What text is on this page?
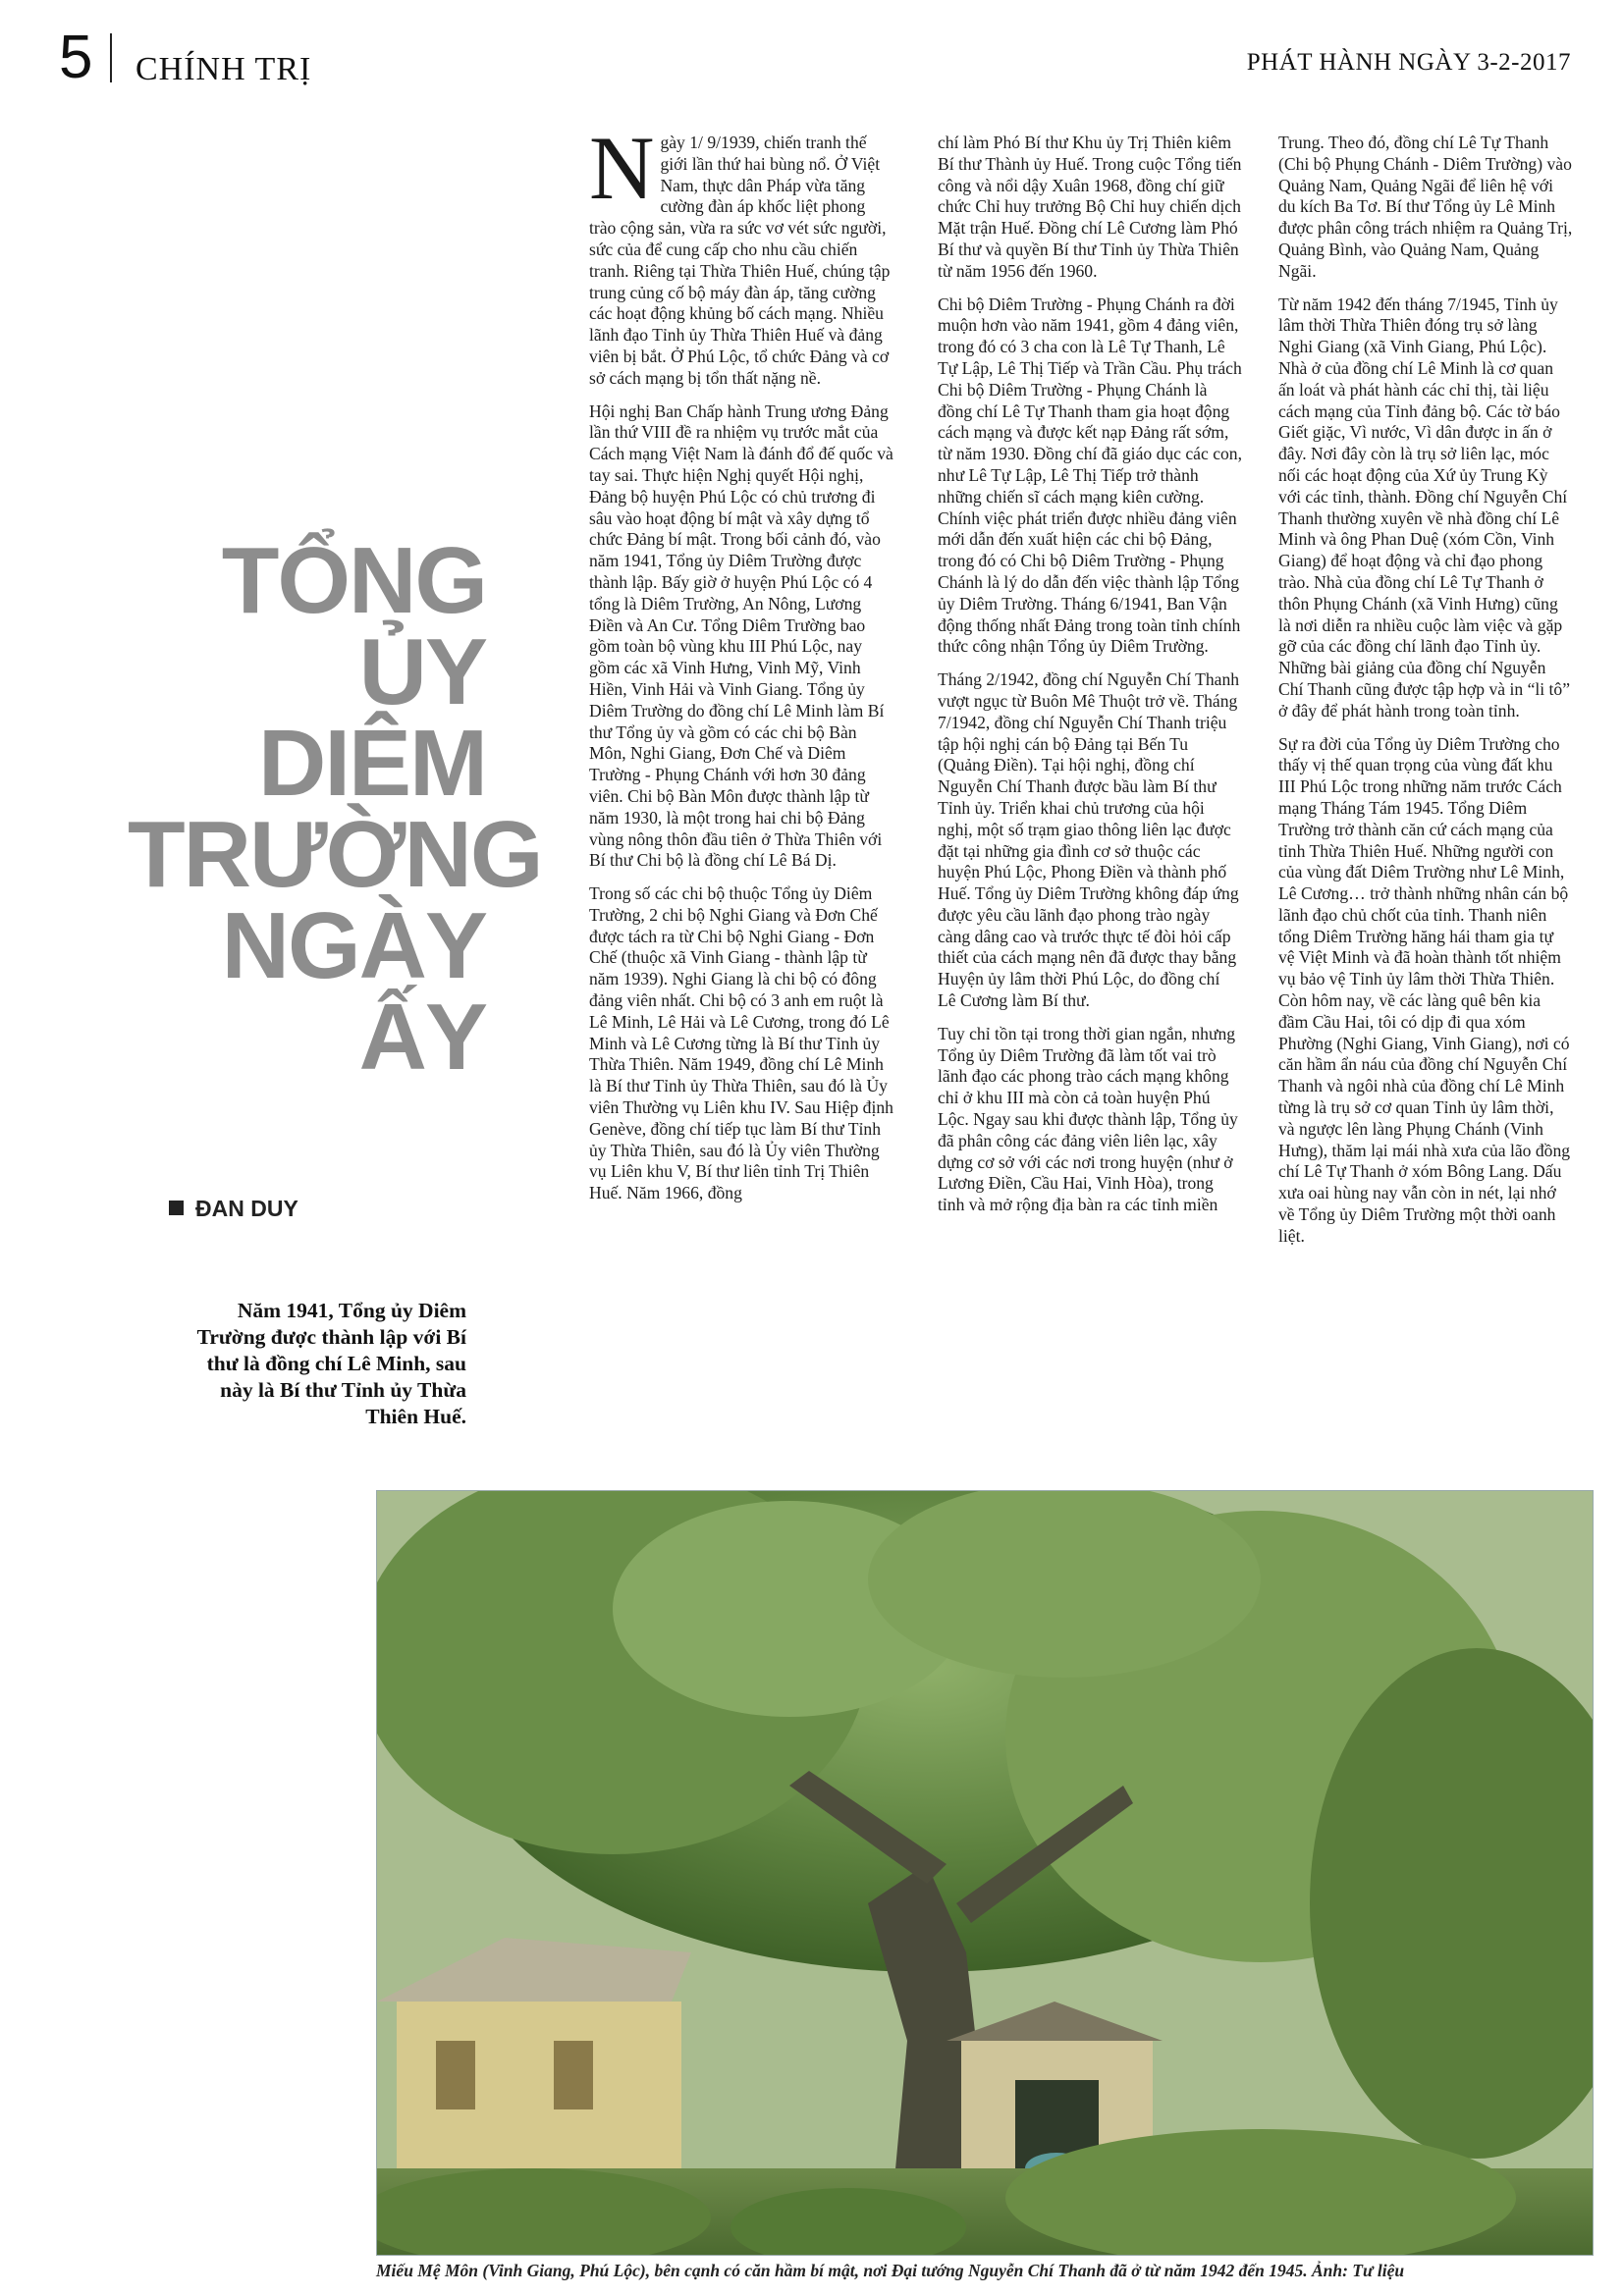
5 CHÍNH TRỊ	PHÁT HÀNH NGÀY 3-2-2017
TỔNG
ỦY
DIÊM
TRƯỜNG
NGÀY
ẤY
ĐAN DUY
Năm 1941, Tổng ủy Diêm Trường được thành lập với Bí thư là đồng chí Lê Minh, sau này là Bí thư Tỉnh ủy Thừa Thiên Huế.

Ngày 1/ 9/1939, chiến tranh thế giới lần thứ hai bùng nổ. Ở Việt Nam, thực dân Pháp vừa tăng cường đàn áp khốc liệt phong trào cộng sản, vừa ra sức vơ vét sức người, sức của để cung cấp cho nhu cầu chiến tranh. Riêng tại Thừa Thiên Huế, chúng tập trung củng cố bộ máy đàn áp, tăng cường các hoạt động khủng bố cách mạng. Nhiều lãnh đạo Tỉnh ủy Thừa Thiên Huế và đảng viên bị bắt. Ở Phú Lộc, tổ chức Đảng và cơ sở cách mạng bị tổn thất nặng nề.

Hội nghị Ban Chấp hành Trung ương Đảng lần thứ VIII đề ra nhiệm vụ trước mắt của Cách mạng Việt Nam là đánh đổ đế quốc và tay sai. Thực hiện Nghị quyết Hội nghị, Đảng bộ huyện Phú Lộc có chủ trương đi sâu vào hoạt động bí mật và xây dựng tổ chức Đảng bí mật. Trong bối cảnh đó, vào năm 1941, Tổng ủy Diêm Trường được thành lập. Bấy giờ ở huyện Phú Lộc có 4 tổng là Diêm Trường, An Nông, Lương Điền và An Cư. Tổng Diêm Trường bao gồm toàn bộ vùng khu III Phú Lộc, nay gồm các xã Vinh Hưng, Vinh Mỹ, Vinh Hiền, Vinh Hải và Vinh Giang. Tổng ủy Diêm Trường do đồng chí Lê Minh làm Bí thư Tổng ủy và gồm có các chi bộ Bàn Môn, Nghi Giang, Đơn Chế và Diêm Trường - Phụng Chánh với hơn 30 đảng viên. Chi bộ Bàn Môn được thành lập từ năm 1930, là một trong hai chi bộ Đảng vùng nông thôn đầu tiên ở Thừa Thiên với Bí thư Chi bộ là đồng chí Lê Bá Dị.

Trong số các chi bộ thuộc Tổng ủy Diêm Trường, 2 chi bộ Nghi Giang và Đơn Chế được tách ra từ Chi bộ Nghi Giang - Đơn Chế (thuộc xã Vinh Giang - thành lập từ năm 1939). Nghi Giang là chi bộ có đông đảng viên nhất. Chi bộ có 3 anh em ruột là Lê Minh, Lê Hải và Lê Cương, trong đó Lê Minh và Lê Cương từng là Bí thư Tỉnh ủy Thừa Thiên. Năm 1949, đồng chí Lê Minh là Bí thư Tỉnh ủy Thừa Thiên, sau đó là Ủy viên Thường vụ Liên khu IV. Sau Hiệp định Genève, đồng chí tiếp tục làm Bí thư Tỉnh ủy Thừa Thiên, sau đó là Ủy viên Thường vụ Liên khu V, Bí thư liên tỉnh Trị Thiên Huế. Năm 1966, đồng

chí làm Phó Bí thư Khu ủy Trị Thiên kiêm Bí thư Thành ủy Huế. Trong cuộc Tổng tiến công và nổi dậy Xuân 1968, đồng chí giữ chức Chỉ huy trưởng Bộ Chỉ huy chiến dịch Mặt trận Huế. Đồng chí Lê Cương làm Phó Bí thư và quyền Bí thư Tỉnh ủy Thừa Thiên từ năm 1956 đến 1960.

Chi bộ Diêm Trường - Phụng Chánh ra đời muộn hơn vào năm 1941, gồm 4 đảng viên, trong đó có 3 cha con là Lê Tự Thanh, Lê Tự Lập, Lê Thị Tiếp và Trần Cầu. Phụ trách Chi bộ Diêm Trường - Phụng Chánh là đồng chí Lê Tự Thanh tham gia hoạt động cách mạng và được kết nạp Đảng rất sớm, từ năm 1930. Đồng chí đã giáo dục các con, như Lê Tự Lập, Lê Thị Tiếp trở thành những chiến sĩ cách mạng kiên cường. Chính việc phát triển được nhiều đảng viên mới dẫn đến xuất hiện các chi bộ Đảng, trong đó có Chi bộ Diêm Trường - Phụng Chánh là lý do dẫn đến việc thành lập Tổng ủy Diêm Trường. Tháng 6/1941, Ban Vận động thống nhất Đảng trong toàn tỉnh chính thức công nhận Tổng ủy Diêm Trường.

Tháng 2/1942, đồng chí Nguyễn Chí Thanh vượt ngục từ Buôn Mê Thuột trở về. Tháng 7/1942, đồng chí Nguyễn Chí Thanh triệu tập hội nghị cán bộ Đảng tại Bến Tu (Quảng Điền). Tại hội nghị, đồng chí Nguyễn Chí Thanh được bầu làm Bí thư Tỉnh ủy. Triển khai chủ trương của hội nghị, một số trạm giao thông liên lạc được đặt tại những gia đình cơ sở thuộc các huyện Phú Lộc, Phong Điền và thành phố Huế. Tổng ủy Diêm Trường không đáp ứng được yêu cầu lãnh đạo phong trào ngày càng dâng cao và trước thực tế đòi hỏi cấp thiết của cách mạng nên đã được thay bằng Huyện ủy lâm thời Phú Lộc, do đồng chí Lê Cương làm Bí thư.

Tuy chỉ tồn tại trong thời gian ngắn, nhưng Tổng ủy Diêm Trường đã làm tốt vai trò lãnh đạo các phong trào cách mạng không chỉ ở khu III mà còn cả toàn huyện Phú Lộc. Ngay sau khi được thành lập, Tổng ủy đã phân công các đảng viên liên lạc, xây dựng cơ sở với các nơi trong huyện (như ở Lương Điền, Cầu Hai, Vinh Hòa), trong tỉnh và mở rộng địa bàn ra các tỉnh miền

Trung. Theo đó, đồng chí Lê Tự Thanh (Chi bộ Phụng Chánh - Diêm Trường) vào Quảng Nam, Quảng Ngãi để liên hệ với du kích Ba Tơ. Bí thư Tổng ủy Lê Minh được phân công trách nhiệm ra Quảng Trị, Quảng Bình, vào Quảng Nam, Quảng Ngãi.

Từ năm 1942 đến tháng 7/1945, Tỉnh ủy lâm thời Thừa Thiên đóng trụ sở làng Nghi Giang (xã Vinh Giang, Phú Lộc). Nhà ở của đồng chí Lê Minh là cơ quan ấn loát và phát hành các chỉ thị, tài liệu cách mạng của Tỉnh đảng bộ. Các tờ báo Giết giặc, Vì nước, Vì dân được in ấn ở đây. Nơi đây còn là trụ sở liên lạc, móc nối các hoạt động của Xứ ủy Trung Kỳ với các tỉnh, thành. Đồng chí Nguyễn Chí Thanh thường xuyên về nhà đồng chí Lê Minh và ông Phan Duệ (xóm Cồn, Vinh Giang) để hoạt động và chỉ đạo phong trào. Nhà của đồng chí Lê Tự Thanh ở thôn Phụng Chánh (xã Vinh Hưng) cũng là nơi diễn ra nhiều cuộc làm việc và gặp gỡ của các đồng chí lãnh đạo Tỉnh ủy. Những bài giảng của đồng chí Nguyễn Chí Thanh cũng được tập hợp và in “li tô” ở đây để phát hành trong toàn tỉnh.

Sự ra đời của Tổng ủy Diêm Trường cho thấy vị thế quan trọng của vùng đất khu III Phú Lộc trong những năm trước Cách mạng Tháng Tám 1945. Tổng Diêm Trường trở thành căn cứ cách mạng của tỉnh Thừa Thiên Huế. Những người con của vùng đất Diêm Trường như Lê Minh, Lê Cương… trở thành những nhân cán bộ lãnh đạo chủ chốt của tỉnh. Thanh niên tổng Diêm Trường hăng hái tham gia tự vệ Việt Minh và đã hoàn thành tốt nhiệm vụ bảo vệ Tỉnh ủy lâm thời Thừa Thiên. Còn hôm nay, về các làng quê bên kia đầm Cầu Hai, tôi có dịp đi qua xóm Phường (Nghi Giang, Vinh Giang), nơi có căn hầm ẩn náu của đồng chí Nguyễn Chí Thanh và ngôi nhà của đồng chí Lê Minh từng là trụ sở cơ quan Tỉnh ủy lâm thời, và ngược lên làng Phụng Chánh (Vinh Hưng), thăm lại mái nhà xưa của lão đồng chí Lê Tự Thanh ở xóm Bông Lang. Dấu xưa oai hùng nay vẫn còn in nét, lại nhớ về Tổng ủy Diêm Trường một thời oanh liệt.

Miếu Mệ Môn (Vinh Giang, Phú Lộc), bên cạnh có căn hầm bí mật, nơi Đại tướng Nguyễn Chí Thanh đã ở từ năm 1942 đến 1945. Ảnh: Tư liệu
